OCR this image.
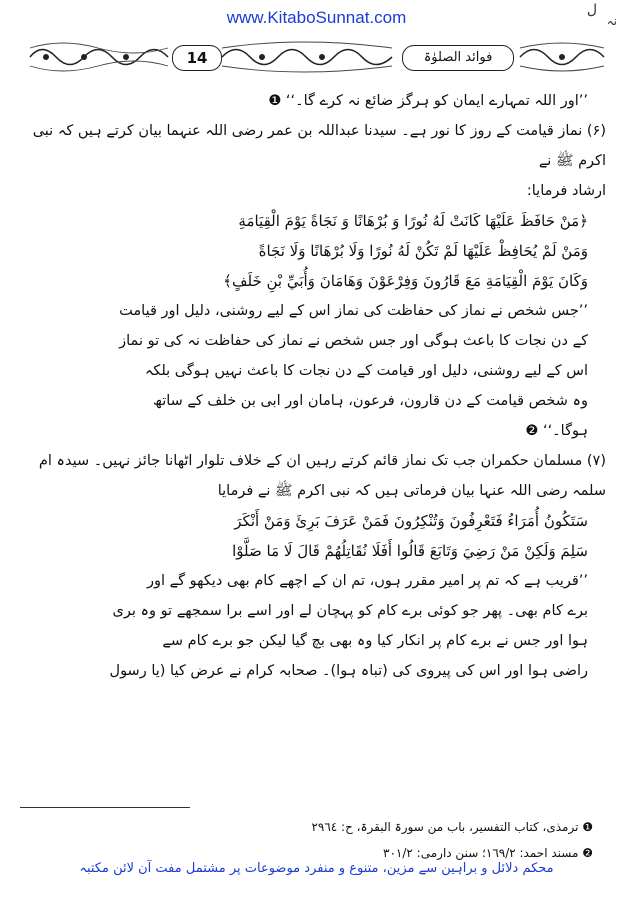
www.KitaboSunnat.com	ل
نہ
14	فوائد الصلوٰۃ

’’اور اللہ تمہارے ایمان کو ہرگز ضائع نہ کرے گا۔‘‘ ❶

(۶) نماز قیامت کے روز کا نور ہے۔ سیدنا عبداللہ بن عمر رضی اللہ عنہما بیان کرتے ہیں کہ نبی اکرم ﷺ نے

ارشاد فرمایا:

﴿مَنْ حَافَظَ عَلَيْهَا كَانَتْ لَهُ نُورًا وَ بُرْهَانًا وَ نَجَاةً يَوْمَ الْقِيَامَةِ

وَمَنْ لَمْ يُحَافِظْ عَلَيْهَا لَمْ تَكُنْ لَهُ نُورًا وَلَا بُرْهَانًا وَلَا نَجَاةً

وَكَانَ يَوْمَ الْقِيَامَةِ مَعَ قَارُونَ وَفِرْعَوْنَ وَهَامَانَ وَأُبَيِّ بْنِ خَلَفٍ﴾

’’جس شخص نے نماز کی حفاظت کی نماز اس کے لیے روشنی، دلیل اور قیامت

کے دن نجات کا باعث ہوگی اور جس شخص نے نماز کی حفاظت نہ کی تو نماز

اس کے لیے روشنی، دلیل اور قیامت کے دن نجات کا باعث نہیں ہوگی بلکہ

وہ شخص قیامت کے دن قارون، فرعون، ہامان اور ابی بن خلف کے ساتھ

ہوگا۔‘‘ ❷

(۷) مسلمان حکمران جب تک نماز قائم کرتے رہیں ان کے خلاف تلوار اٹھانا جائز نہیں۔ سیدہ ام

سلمہ رضی اللہ عنہا بیان فرماتی ہیں کہ نبی اکرم ﷺ نے فرمایا

سَتَكُونُ أُمَرَاءُ فَتَعْرِفُونَ وَتُنْكِرُونَ فَمَنْ عَرَفَ بَرِئَ وَمَنْ أَنْكَرَ

سَلِمَ وَلَكِنْ مَنْ رَضِيَ وَتَابَعَ قَالُوا أَفَلَا نُقَاتِلُهُمْ قَالَ لَا مَا صَلَّوْا

’’قریب ہے کہ تم پر امیر مقرر ہوں، تم ان کے اچھے کام بھی دیکھو گے اور

برے کام بھی۔ پھر جو کوئی برے کام کو پہچان لے اور اسے برا سمجھے تو وہ بری

ہوا اور جس نے برے کام پر انکار کیا وہ بھی بچ گیا لیکن جو برے کام سے

راضی ہوا اور اس کی پیروی کی (تباہ ہوا)۔ صحابہ کرام نے عرض کیا (یا رسول

❶ ترمذی، کتاب التفسیر، باب من سورۃ البقرۃ، ح: ۲۹٦٤
❷ مسند احمد: ۱٦۹/۲؛ سنن دارمی: ۳۰۱/۲
محکم دلائل و براہین سے مزین، متنوع و منفرد موضوعات پر مشتمل مفت آن لائن مکتبہ
